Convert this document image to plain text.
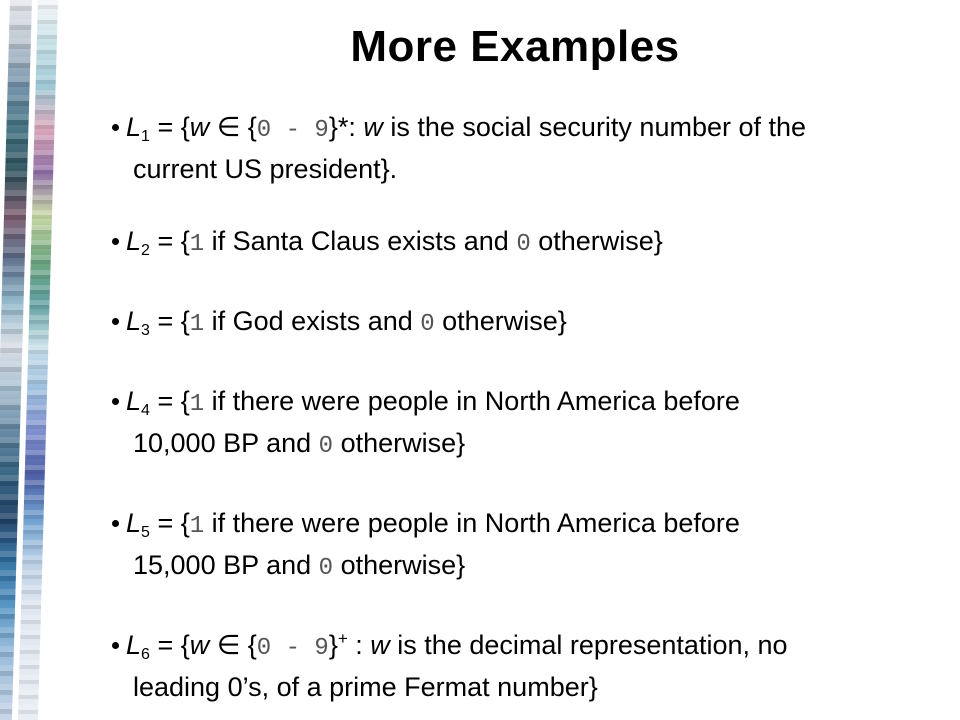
More Examples
$L_1 = \{w$ ∈ {0 - 9}*: w is the social security number of the
current US president}.
$L_2 = \{1$ if Santa Claus exists and 0 otherwise}
$L_3 = \{1$ if God exists and 0 otherwise}
$L_4 = \{1$ if there were people in North America before
10,000 BP and 0 otherwise}
$L_5 = \{1$ if there were people in North America before
15,000 BP and 0 otherwise}
$L_6 = \{w$ ∈ {0 - 9}+ : w is the decimal representation, no
leading 0’s, of a prime Fermat number}
